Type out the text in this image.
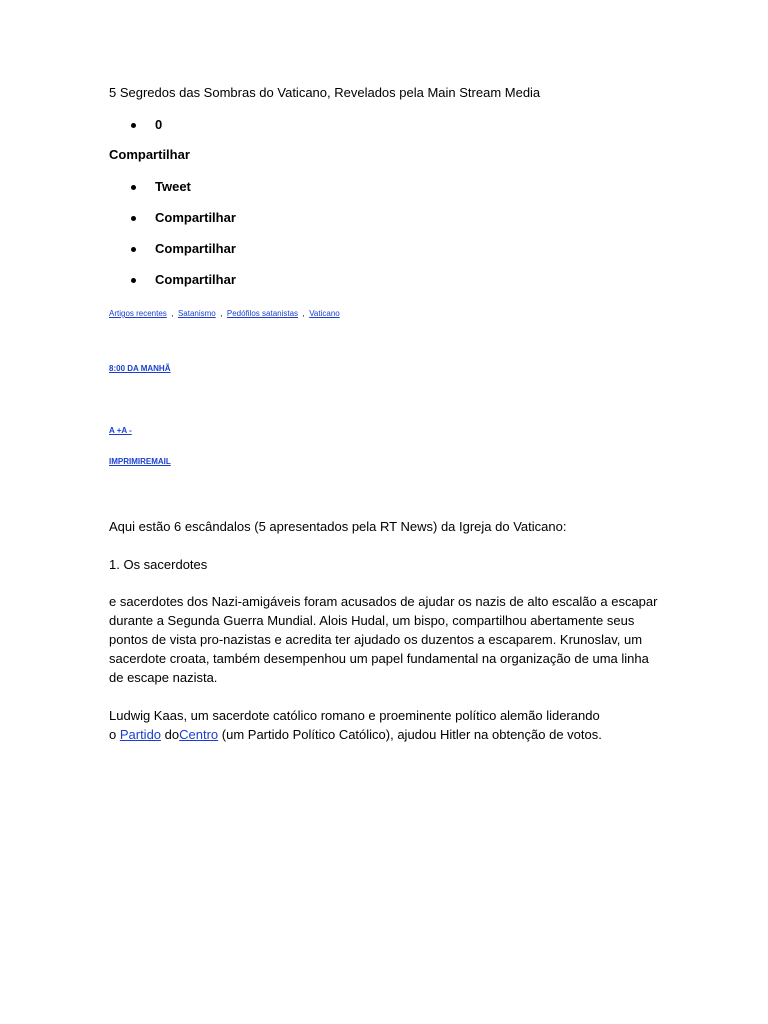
5 Segredos das Sombras do Vaticano, Revelados pela Main Stream Media
0
Compartilhar
Tweet
Compartilhar
Compartilhar
Compartilhar
Artigos recentes , Satanismo , Pedófilos satanistas , Vaticano
8:00 DA MANHÃ
A +A -
IMPRIMIREMAIL
Aqui estão 6 escândalos (5 apresentados pela RT News) da Igreja do Vaticano:
1. Os sacerdotes
e sacerdotes dos Nazi-amigáveis foram acusados de ajudar os nazis de alto escalão a escapar
durante a Segunda Guerra Mundial. Alois Hudal, um bispo, compartilhou abertamente seus
pontos de vista pro-nazistas e acredita ter ajudado os duzentos a escaparem. Krunoslav, um
sacerdote croata, também desempenhou um papel fundamental na organização de uma linha
de escape nazista.
Ludwig Kaas, um sacerdote católico romano e proeminente político alemão liderando
o Partido doCentro (um Partido Político Católico), ajudou Hitler na obtenção de votos.
